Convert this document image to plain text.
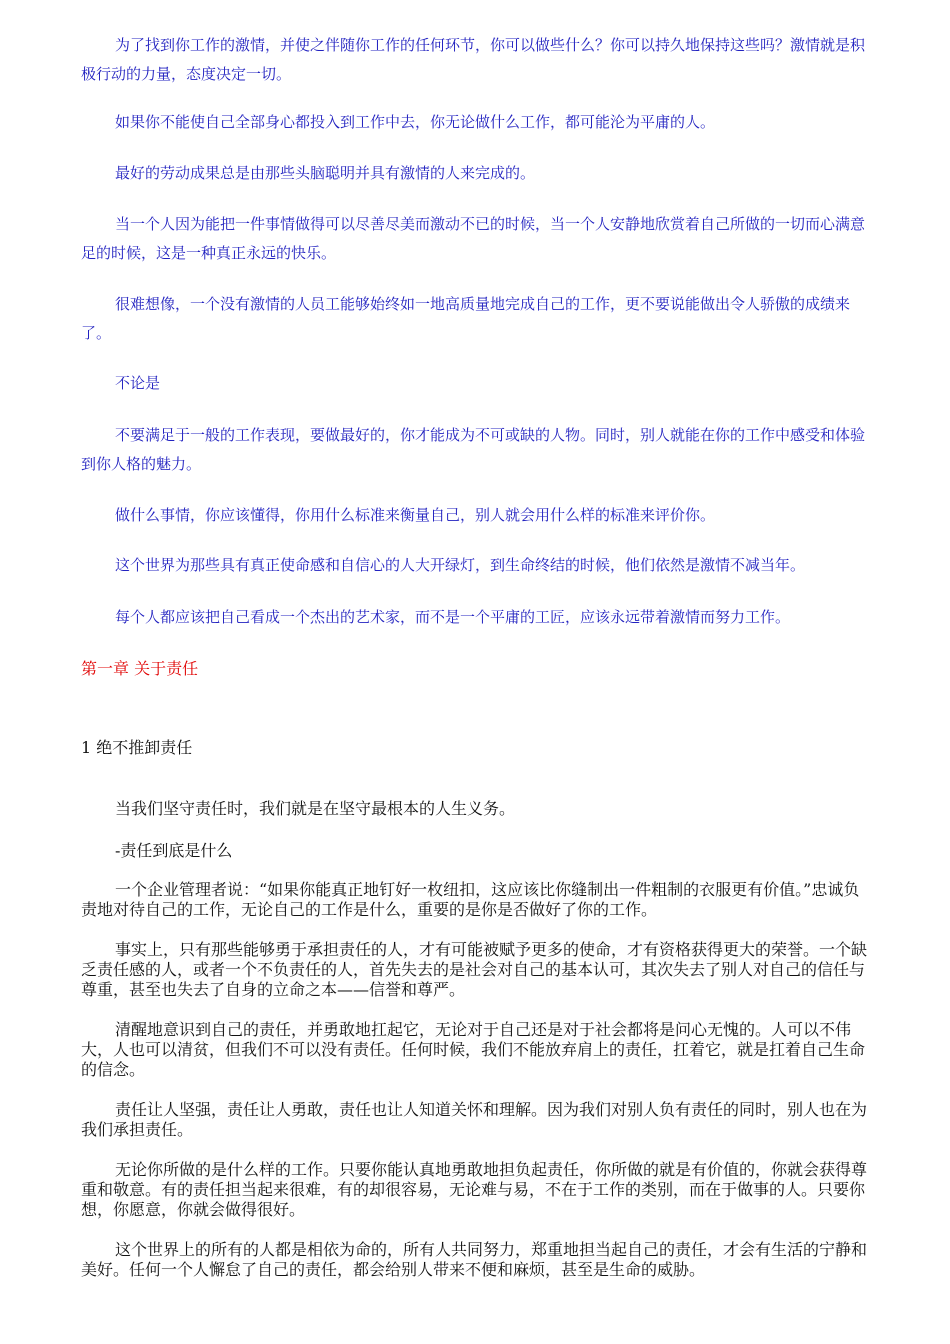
为了找到你工作的激情，并使之伴随你工作的任何环节，你可以做些什么？你可以持久地保持这些吗？激情就是积极行动的力量，态度决定一切。

如果你不能使自己全部身心都投入到工作中去，你无论做什么工作，都可能沦为平庸的人。

最好的劳动成果总是由那些头脑聪明并具有激情的人来完成的。

当一个人因为能把一件事情做得可以尽善尽美而激动不已的时候，当一个人安静地欣赏着自己所做的一切而心满意足的时候，这是一种真正永远的快乐。

很难想像，一个没有激情的人员工能够始终如一地高质量地完成自己的工作，更不要说能做出令人骄傲的成绩来了。

不论是

不要满足于一般的工作表现，要做最好的，你才能成为不可或缺的人物。同时，别人就能在你的工作中感受和体验到你人格的魅力。

做什么事情，你应该懂得，你用什么标准来衡量自己，别人就会用什么样的标准来评价你。

这个世界为那些具有真正使命感和自信心的人大开绿灯，到生命终结的时候，他们依然是激情不减当年。

每个人都应该把自己看成一个杰出的艺术家，而不是一个平庸的工匠，应该永远带着激情而努力工作。

第一章 关于责任

1 绝不推卸责任

当我们坚守责任时，我们就是在坚守最根本的人生义务。

-责任到底是什么

一个企业管理者说：“如果你能真正地钉好一枚纽扣，这应该比你缝制出一件粗制的衣服更有价值。”忠诚负责地对待自己的工作，无论自己的工作是什么，重要的是你是否做好了你的工作。

事实上，只有那些能够勇于承担责任的人，才有可能被赋予更多的使命，才有资格获得更大的荣誉。一个缺乏责任感的人，或者一个不负责任的人，首先失去的是社会对自己的基本认可，其次失去了别人对自己的信任与尊重，甚至也失去了自身的立命之本——信誉和尊严。

清醒地意识到自己的责任，并勇敢地扛起它，无论对于自己还是对于社会都将是问心无愧的。人可以不伟大，人也可以清贫，但我们不可以没有责任。任何时候，我们不能放弃肩上的责任，扛着它，就是扛着自己生命的信念。

责任让人坚强，责任让人勇敢，责任也让人知道关怀和理解。因为我们对别人负有责任的同时，别人也在为我们承担责任。

无论你所做的是什么样的工作。只要你能认真地勇敢地担负起责任，你所做的就是有价值的，你就会获得尊重和敬意。有的责任担当起来很难，有的却很容易，无论难与易，不在于工作的类别，而在于做事的人。只要你想，你愿意，你就会做得很好。

这个世界上的所有的人都是相依为命的，所有人共同努力，郑重地担当起自己的责任，才会有生活的宁静和美好。任何一个人懈怠了自己的责任，都会给别人带来不便和麻烦，甚至是生命的威胁。
